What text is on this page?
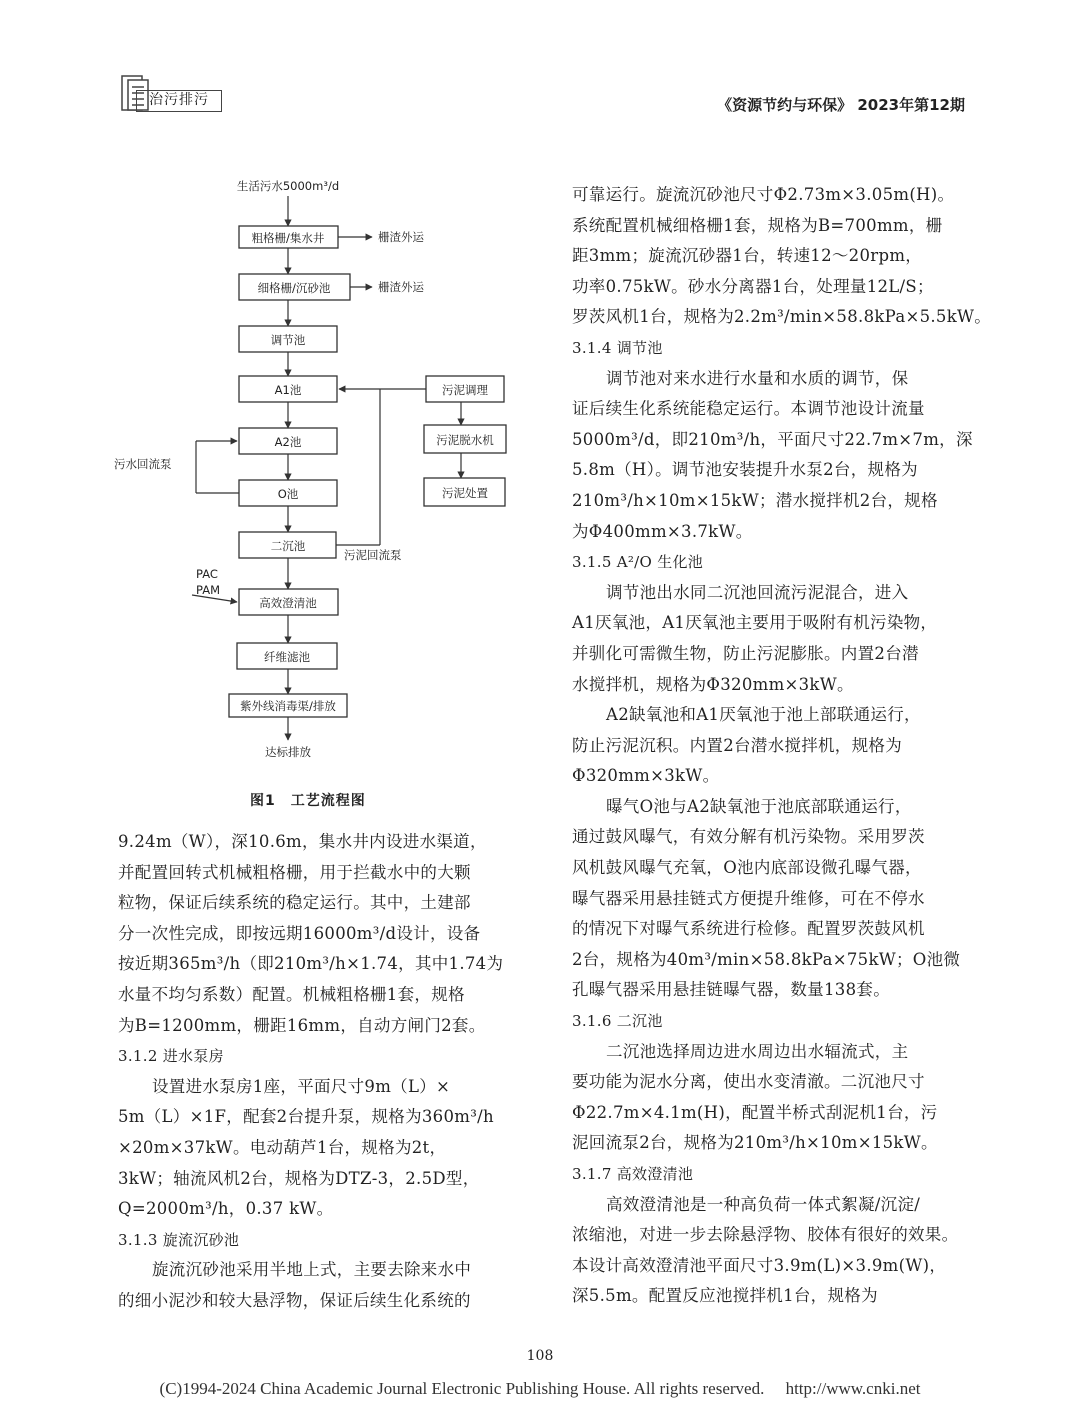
治污排污	《资源节约与环保》 2023年第12期
生活污水5000m³/d
粗格栅/集水井
细格栅/沉砂池
调节池
A1池
A2池
O池
二沉池
高效澄清池
纤维滤池
紫外线消毒渠/排放
污泥调理
污泥脱水机
污泥处置
达标排放
栅渣外运
栅渣外运
污水回流泵
污泥回流泵
PAC
PAM
图1　工艺流程图

9.24m（W），深10.6m，集水井内设进水渠道，

并配置回转式机械粗格栅，用于拦截水中的大颗

粒物，保证后续系统的稳定运行。其中，土建部

分一次性完成，即按远期16000m³/d设计，设备

按近期365m³/h（即210m³/h×1.74，其中1.74为

水量不均匀系数）配置。机械粗格栅1套，规格

为B=1200mm，栅距16mm，自动方闸门2套。

3.1.2 进水泵房

设置进水泵房1座，平面尺寸9m（L）×

5m（L）×1F，配套2台提升泵，规格为360m³/h

×20m×37kW。电动葫芦1台，规格为2t，

3kW；轴流风机2台，规格为DTZ-3，2.5D型，

Q=2000m³/h，0.37 kW。

3.1.3 旋流沉砂池

旋流沉砂池采用半地上式，主要去除来水中

的细小泥沙和较大悬浮物，保证后续生化系统的

可靠运行。旋流沉砂池尺寸Φ2.73m×3.05m(H)。

系统配置机械细格栅1套，规格为B=700mm，栅

距3mm；旋流沉砂器1台，转速12～20rpm，

功率0.75kW。砂水分离器1台，处理量12L/S；

罗茨风机1台，规格为2.2m³/min×58.8kPa×5.5kW。

3.1.4 调节池

调节池对来水进行水量和水质的调节，保

证后续生化系统能稳定运行。本调节池设计流量

5000m³/d，即210m³/h，平面尺寸22.7m×7m，深

5.8m（H）。调节池安装提升水泵2台，规格为

210m³/h×10m×15kW；潜水搅拌机2台，规格

为Φ400mm×3.7kW。

3.1.5 A²/O 生化池

调节池出水同二沉池回流污泥混合，进入

A1厌氧池，A1厌氧池主要用于吸附有机污染物，

并驯化可需微生物，防止污泥膨胀。内置2台潜

水搅拌机，规格为Φ320mm×3kW。

A2缺氧池和A1厌氧池于池上部联通运行，

防止污泥沉积。内置2台潜水搅拌机，规格为

Φ320mm×3kW。

曝气O池与A2缺氧池于池底部联通运行，

通过鼓风曝气，有效分解有机污染物。采用罗茨

风机鼓风曝气充氧，O池内底部设微孔曝气器，

曝气器采用悬挂链式方便提升维修，可在不停水

的情况下对曝气系统进行检修。配置罗茨鼓风机

2台，规格为40m³/min×58.8kPa×75kW；O池微

孔曝气器采用悬挂链曝气器，数量138套。

3.1.6 二沉池

二沉池选择周边进水周边出水辐流式，主

要功能为泥水分离，使出水变清澈。二沉池尺寸

Φ22.7m×4.1m(H)，配置半桥式刮泥机1台，污

泥回流泵2台，规格为210m³/h×10m×15kW。

3.1.7 高效澄清池

高效澄清池是一种高负荷一体式絮凝/沉淀/

浓缩池，对进一步去除悬浮物、胶体有很好的效果。

本设计高效澄清池平面尺寸3.9m(L)×3.9m(W)，

深5.5m。配置反应池搅拌机1台，规格为

108
(C)1994-2024 China Academic Journal Electronic Publishing House. All rights reserved.　 http://www.cnki.net
